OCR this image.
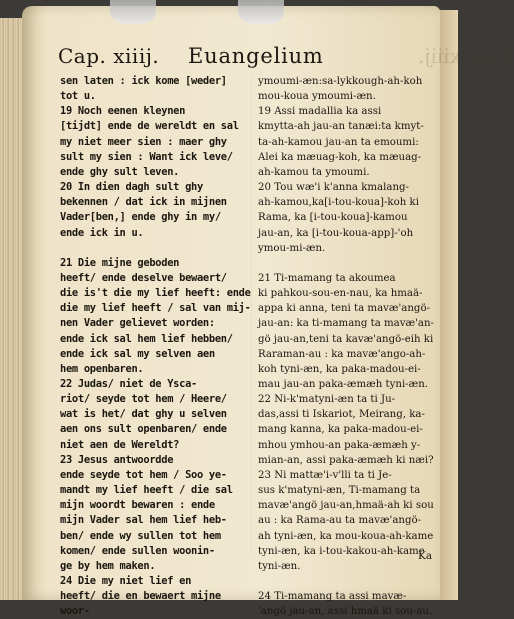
Cap. xiiij.
Cap. xiiij. Euangelium

sen laten : ick kome [weder]

tot u.

19 Noch eenen kleynen

[tijdt] ende de wereldt en sal

my niet meer sien : maer ghy

sult my sien : Want ick leve/

ende ghy sult leven.

20 In dien dagh sult ghy

bekennen / dat ick in mijnen

Vader[ben,] ende ghy in my/

ende ick in u.

21 Die mijne geboden

heeft/ ende deselve bewaert/

die is't die my lief heeft: ende

die my lief heeft / sal van mij-

nen Vader gelievet worden:

ende ick sal hem lief hebben/

ende ick sal my selven aen

hem openbaren.

22 Judas/ niet de Ysca-

riot/ seyde tot hem / Heere/

wat is het/ dat ghy u selven

aen ons sult openbaren/ ende

niet aen de Wereldt?

23 Jesus antwoordde

ende seyde tot hem / Soo ye-

mandt my lief heeft / die sal

mijn woordt bewaren : ende

mijn Vader sal hem lief heb-

ben/ ende wy sullen tot hem

komen/ ende sullen woonin-

ge by hem maken.

24 Die my niet lief en

heeft/ die en bewaert mijne

woor-

ymoumi-æn:sa-lykkough-ah-koh

mou-koua ymoumi-æn.

19 Assi madallia ka assi

kmytta-ah jau-an tanæi:ta kmyt-

ta-ah-kamou jau-an ta emoumi:

Alei ka mæuag-koh, ka mæuag-

ah-kamou ta ymoumi.

20 Tou wæ'i k'anna kmalang-

ah-kamou,ka[i-tou-koua]-koh ki

Rama, ka [i-tou-koua]-kamou

jau-an, ka [i-tou-koua-app]-'oh

ymou-mi-æn.

21 Ti-mamang ta akoumea

ki pahkou-sou-en-nau, ka hmaä-

appa ki anna, teni ta mavæ'angö-

jau-an: ka ti-mamang ta mavæ'an-

gö jau-an,teni ta kavæ'angö-eih ki

Raraman-au : ka mavæ'ango-ah-

koh tyni-æn, ka paka-madou-ei-

mau jau-an paka-æmæh tyni-æn.

22 Ni-k'matyni-æn ta ti Ju-

das,assi ti Iskariot, Meirang, ka-

mang kanna, ka paka-madou-ei-

mhou ymhou-an paka-æmæh y-

mian-an, assi paka-æmæh ki næi?

23 Ni mattæ'i-v'lli ta ti Je-

sus k'matyni-æn, Ti-mamang ta

mavæ'angö jau-an,hmaä-ah ki sou

au : ka Rama-au ta mavæ'angö-

ah tyni-æn, ka mou-koua-ah-kame

tyni-æn, ka i-tou-kakou-ah-kame

tyni-æn.

24 Ti-mamang ta assi mavæ-

'angö jau-an, assi hmaä ki sou-au.

Ka
